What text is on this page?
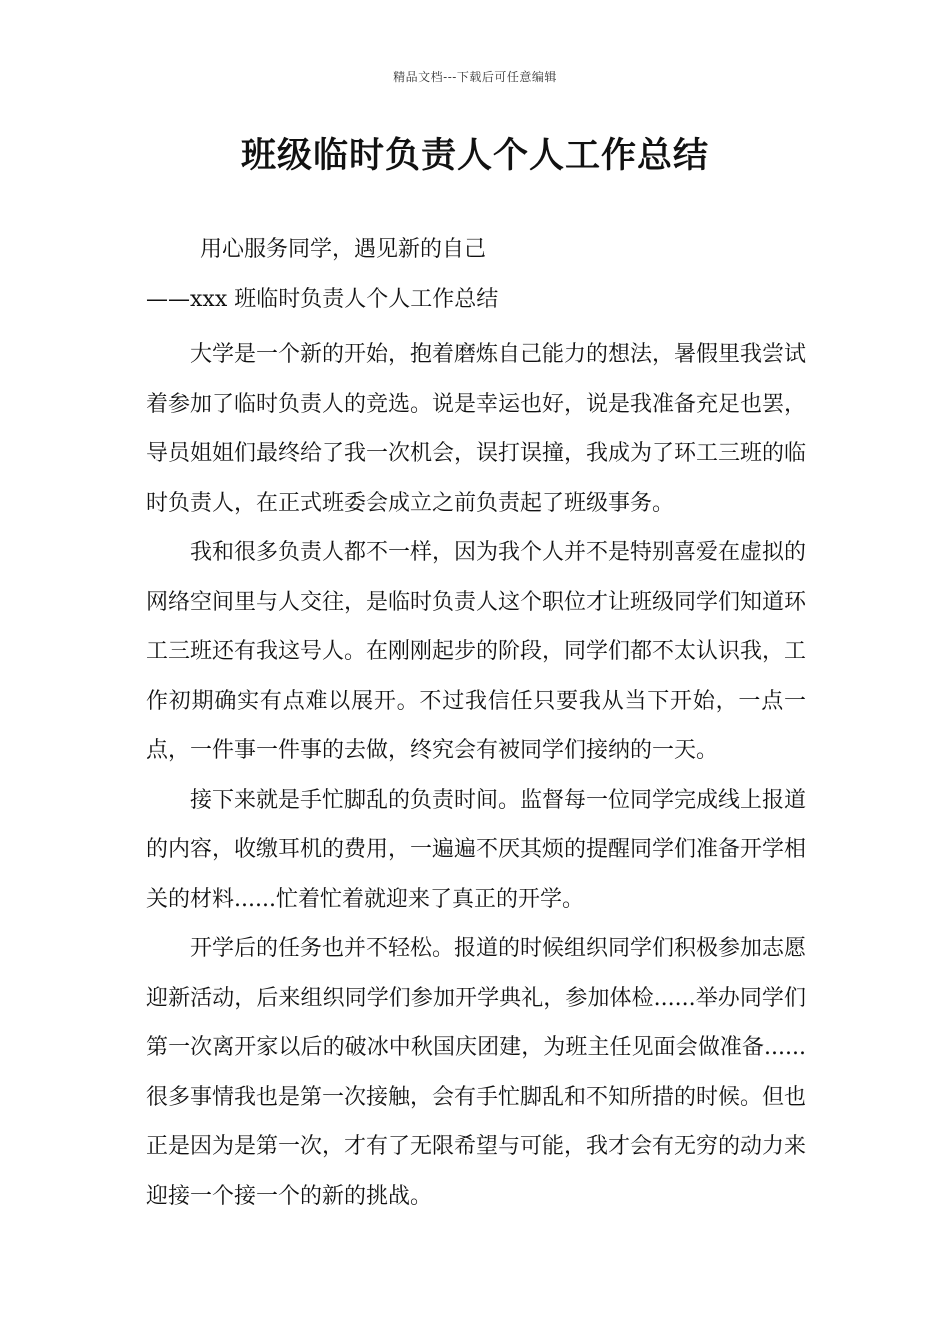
精品文档---下载后可任意编辑
班级临时负责人个人工作总结
用心服务同学，遇见新的自己
——xxx 班临时负责人个人工作总结

大学是一个新的开始，抱着磨炼自己能力的想法，暑假里我尝试着参加了临时负责人的竞选。说是幸运也好，说是我准备充足也罢，导员姐姐们最终给了我一次机会，误打误撞，我成为了环工三班的临时负责人，在正式班委会成立之前负责起了班级事务。

我和很多负责人都不一样，因为我个人并不是特别喜爱在虚拟的网络空间里与人交往，是临时负责人这个职位才让班级同学们知道环工三班还有我这号人。在刚刚起步的阶段，同学们都不太认识我，工作初期确实有点难以展开。不过我信任只要我从当下开始，一点一点，一件事一件事的去做，终究会有被同学们接纳的一天。

接下来就是手忙脚乱的负责时间。监督每一位同学完成线上报道的内容，收缴耳机的费用，一遍遍不厌其烦的提醒同学们准备开学相关的材料......忙着忙着就迎来了真正的开学。

开学后的任务也并不轻松。报道的时候组织同学们积极参加志愿迎新活动，后来组织同学们参加开学典礼，参加体检......举办同学们第一次离开家以后的破冰中秋国庆团建，为班主任见面会做准备......很多事情我也是第一次接触，会有手忙脚乱和不知所措的时候。但也正是因为是第一次，才有了无限希望与可能，我才会有无穷的动力来迎接一个接一个的新的挑战。
